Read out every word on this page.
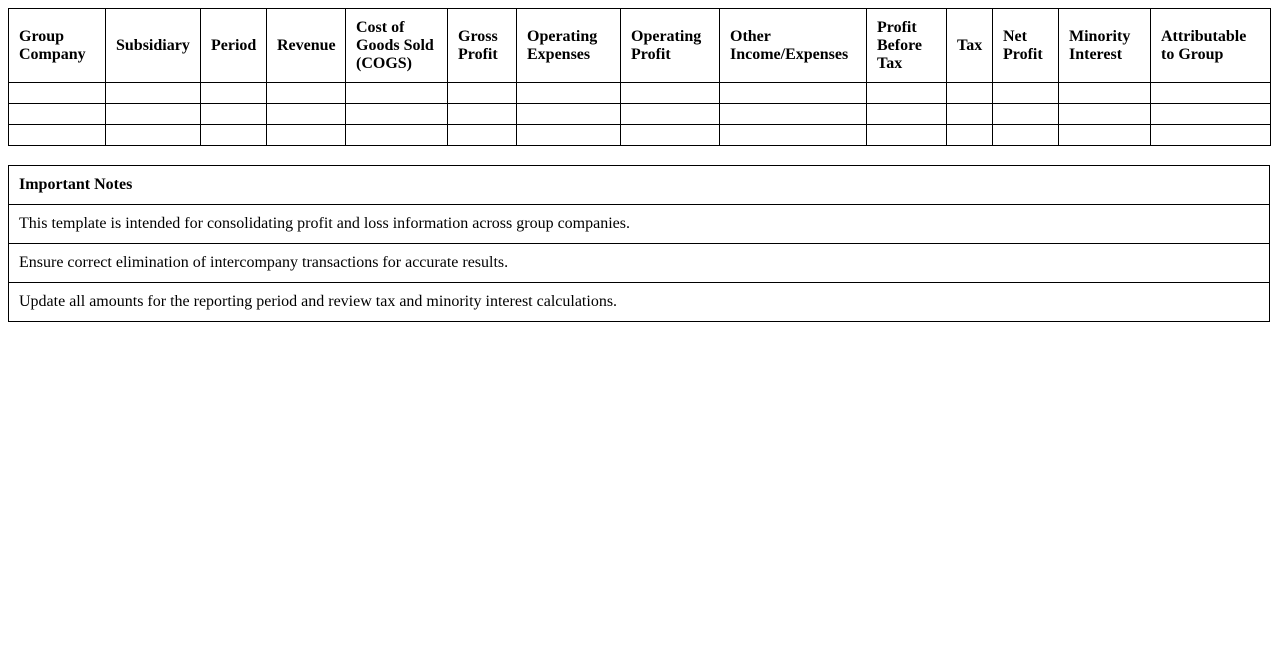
Group Company	Subsidiary	Period	Revenue	Cost of Goods Sold (COGS)	Gross Profit	Operating Expenses	Operating Profit	Other Income/Expenses	Profit Before Tax	Tax	Net Profit	Minority Interest	Attributable to Group

Important Notes
This template is intended for consolidating profit and loss information across group companies.
Ensure correct elimination of intercompany transactions for accurate results.
Update all amounts for the reporting period and review tax and minority interest calculations.
